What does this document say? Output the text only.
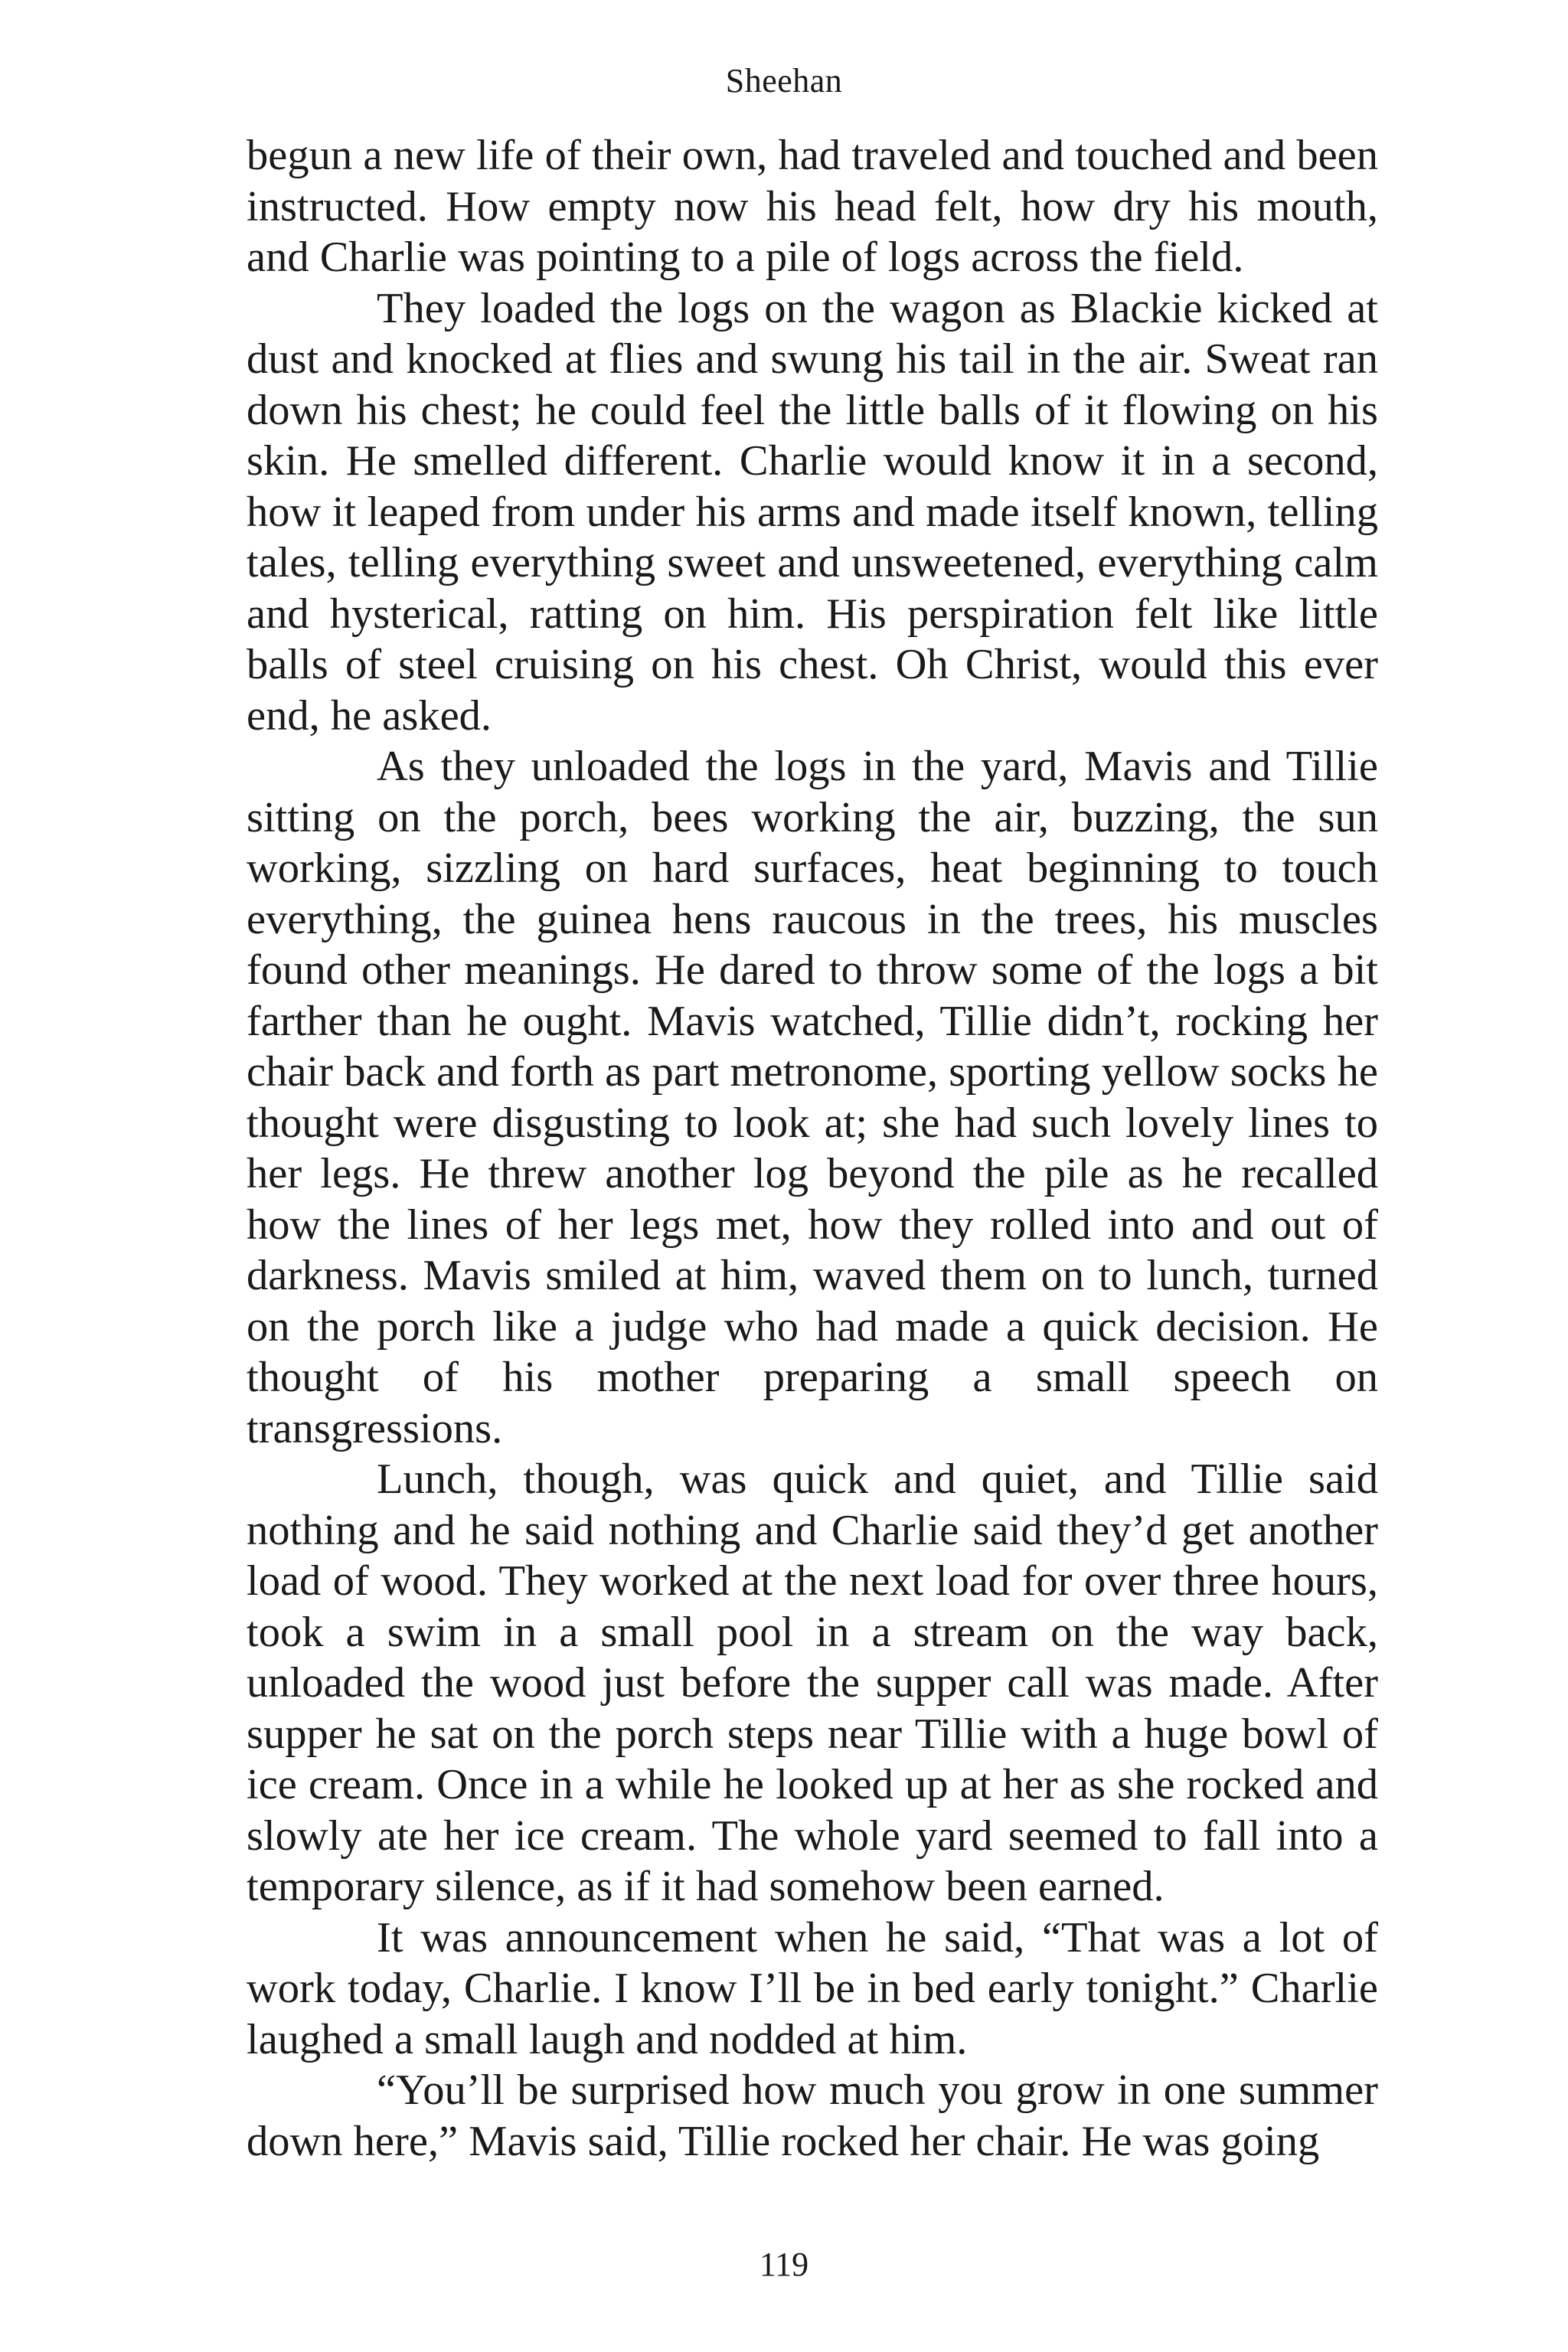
Sheehan

begun a new life of their own, had traveled and touched and been instructed. How empty now his head felt, how dry his mouth, and Charlie was pointing to a pile of logs across the field.

They loaded the logs on the wagon as Blackie kicked at dust and knocked at flies and swung his tail in the air. Sweat ran down his chest; he could feel the little balls of it flowing on his skin. He smelled different. Charlie would know it in a second, how it leaped from under his arms and made itself known, telling tales, telling everything sweet and unsweetened, everything calm and hysterical, ratting on him. His perspiration felt like little balls of steel cruising on his chest. Oh Christ, would this ever end, he asked.

As they unloaded the logs in the yard, Mavis and Tillie sitting on the porch, bees working the air, buzzing, the sun working, sizzling on hard surfaces, heat beginning to touch everything, the guinea hens raucous in the trees, his muscles found other meanings. He dared to throw some of the logs a bit farther than he ought. Mavis watched, Tillie didn’t, rocking her chair back and forth as part metronome, sporting yellow socks he thought were disgusting to look at; she had such lovely lines to her legs. He threw another log beyond the pile as he recalled how the lines of her legs met, how they rolled into and out of darkness. Mavis smiled at him, waved them on to lunch, turned on the porch like a judge who had made a quick decision. He thought of his mother preparing a small speech on transgressions.

Lunch, though, was quick and quiet, and Tillie said nothing and he said nothing and Charlie said they’d get another load of wood. They worked at the next load for over three hours, took a swim in a small pool in a stream on the way back, unloaded the wood just before the supper call was made. After supper he sat on the porch steps near Tillie with a huge bowl of ice cream. Once in a while he looked up at her as she rocked and slowly ate her ice cream. The whole yard seemed to fall into a temporary silence, as if it had somehow been earned.

It was announcement when he said, “That was a lot of work today, Charlie. I know I’ll be in bed early tonight.” Charlie laughed a small laugh and nodded at him.

“You’ll be surprised how much you grow in one summer down here,” Mavis said, Tillie rocked her chair. He was going

119
